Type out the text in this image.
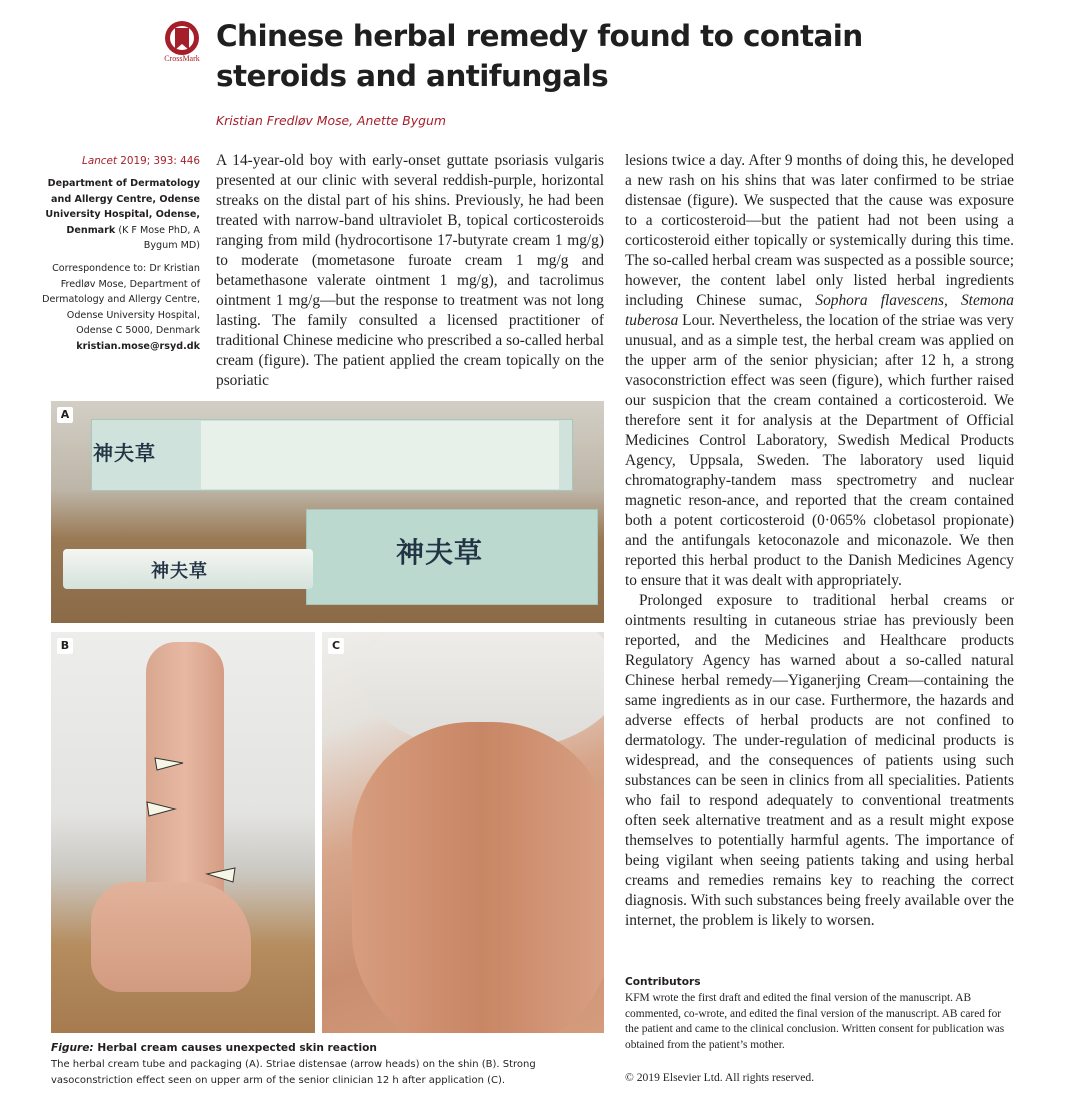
CrossMark
Chinese herbal remedy found to contain steroids and antifungals
Kristian Fredløv Mose, Anette Bygum
Lancet 2019; 393: 446
Department of Dermatology and Allergy Centre, Odense University Hospital, Odense, Denmark (K F Mose PhD, A Bygum MD)
Correspondence to: Dr Kristian Fredløv Mose, Department of Dermatology and Allergy Centre, Odense University Hospital, Odense C 5000, Denmark
kristian.mose@rsyd.dk

A 14-year-old boy with early-onset guttate psoriasis vulgaris presented at our clinic with several reddish-purple, horizontal streaks on the distal part of his shins. Previously, he had been treated with narrow-band ultraviolet B, topical corticosteroids ranging from mild (hydrocortisone 17-butyrate cream 1 mg/g) to moderate (mometasone furoate cream 1 mg/g and betamethasone valerate ointment 1 mg/g), and tacrolimus ointment 1 mg/g—but the response to treatment was not long lasting. The family consulted a licensed practitioner of traditional Chinese medicine who prescribed a so-called herbal cream (figure). The patient applied the cream topically on the psoriatic

lesions twice a day. After 9 months of doing this, he developed a new rash on his shins that was later confirmed to be striae distensae (figure). We suspected that the cause was exposure to a corticosteroid—but the patient had not been using a corticosteroid either topically or systemically during this time. The so-called herbal cream was suspected as a possible source; however, the content label only listed herbal ingredients including Chinese sumac, Sophora flavescens, Stemona tuberosa Lour. Nevertheless, the location of the striae was very unusual, and as a simple test, the herbal cream was applied on the upper arm of the senior physician; after 12 h, a strong vasoconstriction effect was seen (figure), which further raised our suspicion that the cream contained a corticosteroid. We therefore sent it for analysis at the Department of Official Medicines Control Laboratory, Swedish Medical Products Agency, Uppsala, Sweden. The laboratory used liquid chromatography-tandem mass spectrometry and nuclear magnetic reson-ance, and reported that the cream contained both a potent corticosteroid (0·065% clobetasol propionate) and the antifungals ketoconazole and miconazole. We then reported this herbal product to the Danish Medicines Agency to ensure that it was dealt with appropriately.

Prolonged exposure to traditional herbal creams or ointments resulting in cutaneous striae has previously been reported, and the Medicines and Healthcare products Regulatory Agency has warned about a so-called natural Chinese herbal remedy—Yiganerjing Cream—containing the same ingredients as in our case. Furthermore, the hazards and adverse effects of herbal products are not confined to dermatology. The under-regulation of medicinal products is widespread, and the consequences of patients using such substances can be seen in clinics from all specialities. Patients who fail to respond adequately to conventional treatments often seek alternative treatment and as a result might expose themselves to potentially harmful agents. The importance of being vigilant when seeing patients taking and using herbal creams and remedies remains key to reaching the correct diagnosis. With such substances being freely available over the internet, the problem is likely to worsen.

Contributors

KFM wrote the first draft and edited the final version of the manuscript. AB commented, co-wrote, and edited the final version of the manuscript. AB cared for the patient and came to the clinical conclusion. Written consent for publication was obtained from the patient’s mother.

© 2019 Elsevier Ltd. All rights reserved.
神夫草
神夫草
神夫草
A
B	C
Figure: Herbal cream causes unexpected skin reaction

The herbal cream tube and packaging (A). Striae distensae (arrow heads) on the shin (B). Strong vasoconstriction effect seen on upper arm of the senior clinician 12 h after application (C).
